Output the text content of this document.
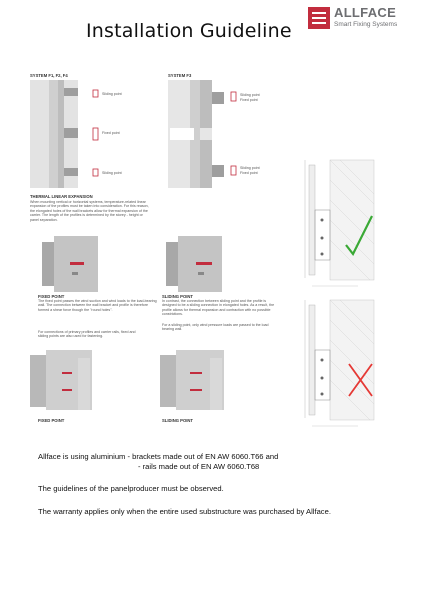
Installation Guideline
ALLFACE
Smart Fixing Systems
SYSTEM F1, F2, F4	SYSTEM F3
Sliding point
Fixed point
Sliding point
Sliding point
Fixed point
Sliding point
Fixed point
THERMAL LINEAR EXPANSION
When mounting vertical or horizontal systems, temperature-related linear
expansion of the profiles must be taken into consideration. For this reason,
the elongated holes of the wall brackets allow for thermal expansion of the
carrier. The length of the profiles is determined by the storey - height or
panel separation.
FIXED POINT
The fixed point passes the wind suction and wind loads to the load-bearing
wall. The connection between the wall bracket and profile is therefore
formed a shear force though the "round holes".
For connections of primary profiles and carrier rails, fixed and
sliding points are also used for fastening.
SLIDING POINT
In contrast, the connection between sliding point and the profile is
designed to be a sliding connection in elongated holes. As a result, the
profile allows for thermal expansion and contraction with no possible
constrictions.
For a sliding point, only wind pressure loads are passed to the load
bearing wall.
FIXED POINT	SLIDING POINT
Allface is using aluminium - brackets made out of EN AW 6060.T66 and
- rails made out of EN AW 6060.T68
The guidelines of the panelproducer must be observed.
The warranty applies only when the entire used substructure was purchased by Allface.
